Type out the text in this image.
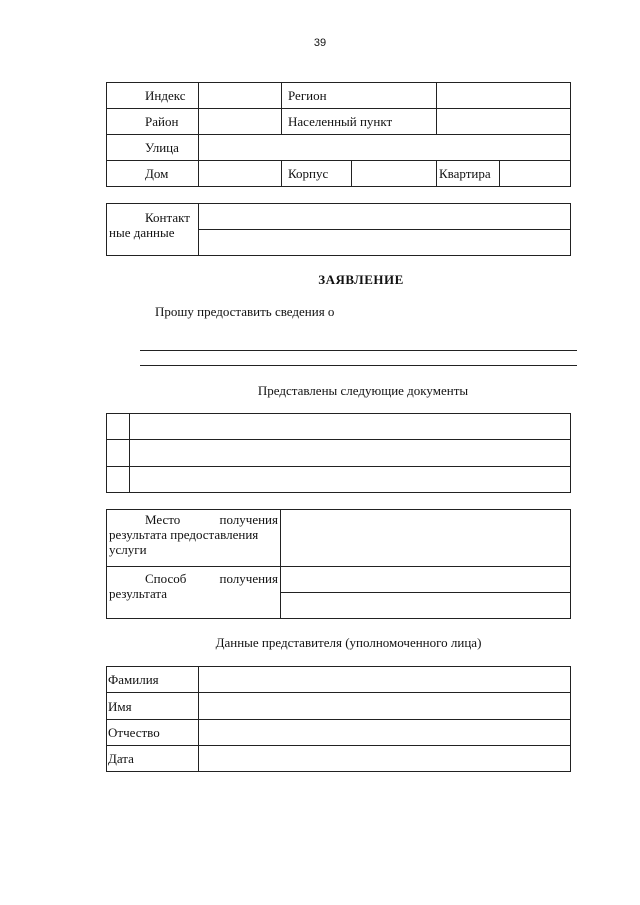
39
Индекс		Регион			
Район		Населенный пункт			
Улица					
Дом		Корпус		Квартира	
Контакт
ные данные

ЗАЯВЛЕНИЕ
Прошу предоставить сведения о
Представлены следующие документы

Место получения
результата предоставления
услуги	

Способ получения
результата	

Данные представителя (уполномоченного лица)
Фамилия	
Имя	
Отчество	
Дата	
